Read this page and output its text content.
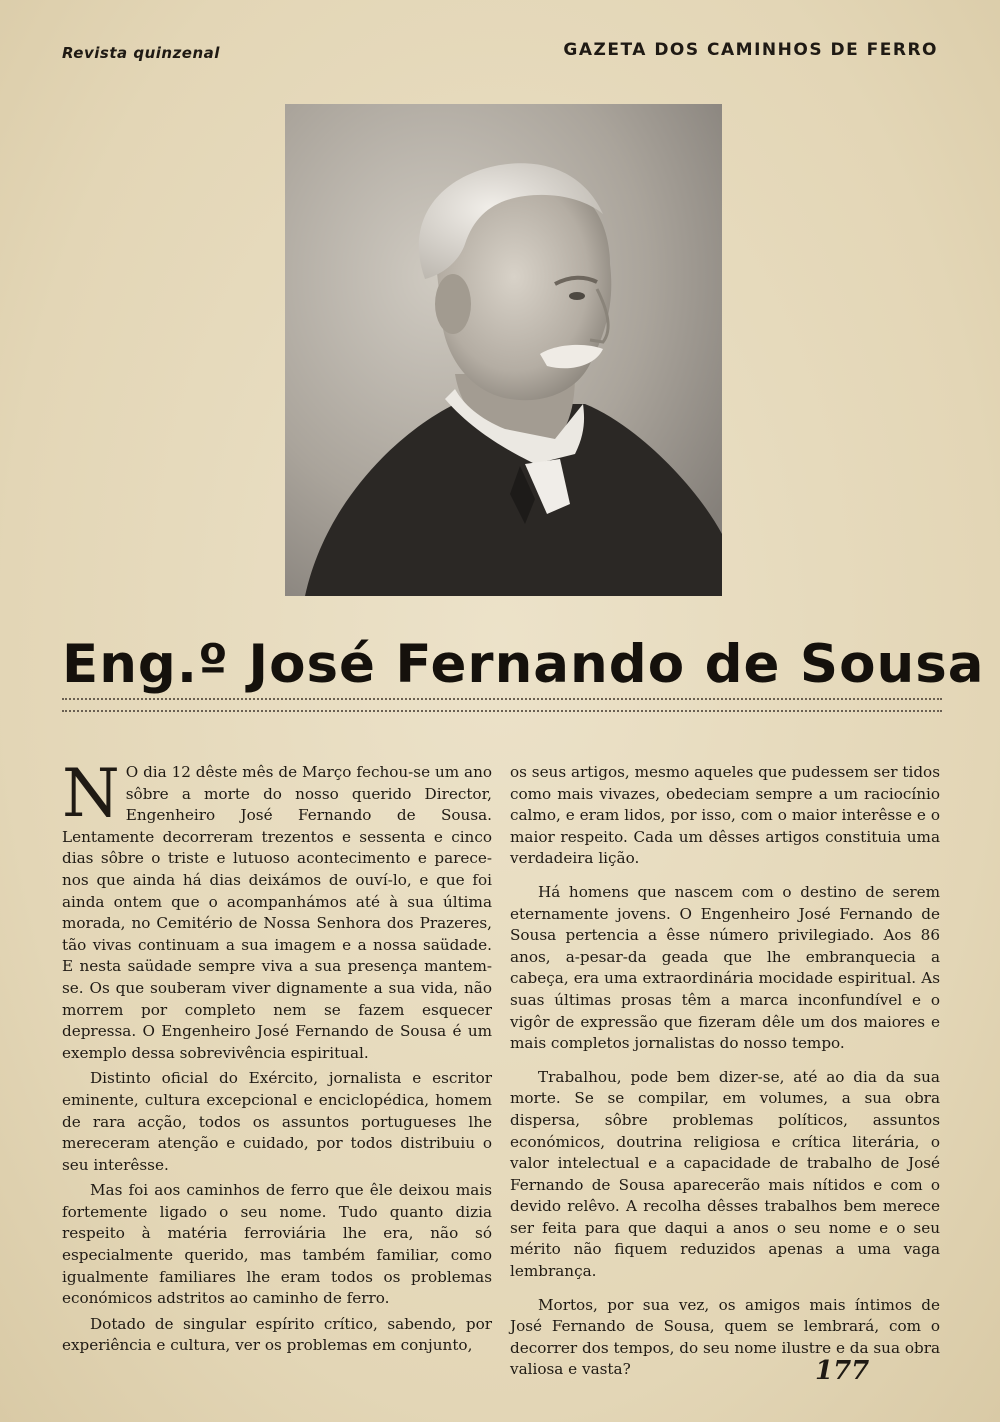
Revista quinzenal	GAZETA DOS CAMINHOS DE FERRO
Eng.º José Fernando de Sousa

N O dia 12 dêste mês de Março fechou-se um ano sôbre a morte do nosso querido Director, Engenheiro José Fernando de Sousa. Lentamente decorreram trezentos e sessenta e cinco dias sôbre o triste e lutuoso acontecimento e parece-nos que ainda há dias deixámos de ouví-lo, e que foi ainda ontem que o acompanhámos até à sua última morada, no Cemitério de Nossa Senhora dos Prazeres, tão vivas continuam a sua imagem e a nossa saüdade. E nesta saüdade sempre viva a sua presença mantem-se. Os que souberam viver dignamente a sua vida, não morrem por completo nem se fazem esquecer depressa. O Engenheiro José Fernando de Sousa é um exemplo dessa sobrevivência espiritual.

Distinto oficial do Exército, jornalista e escritor eminente, cultura excepcional e enciclopédica, homem de rara acção, todos os assuntos portugueses lhe mereceram atenção e cuidado, por todos distribuiu o seu interêsse.

Mas foi aos caminhos de ferro que êle deixou mais fortemente ligado o seu nome. Tudo quanto dizia respeito à matéria ferroviária lhe era, não só especialmente querido, mas também familiar, como igualmente familiares lhe eram todos os problemas económicos adstritos ao caminho de ferro.

Dotado de singular espírito crítico, sabendo, por experiência e cultura, ver os problemas em conjunto,

os seus artigos, mesmo aqueles que pudessem ser tidos como mais vivazes, obedeciam sempre a um raciocínio calmo, e eram lidos, por isso, com o maior interêsse e o maior respeito. Cada um dêsses artigos constituia uma verdadeira lição.

Há homens que nascem com o destino de serem eternamente jovens. O Engenheiro José Fernando de Sousa pertencia a êsse número privilegiado. Aos 86 anos, a-pesar-da geada que lhe embranquecia a cabeça, era uma extraordinária mocidade espiritual. As suas últimas prosas têm a marca inconfundível e o vigôr de expressão que fizeram dêle um dos maiores e mais completos jornalistas do nosso tempo.

Trabalhou, pode bem dizer-se, até ao dia da sua morte. Se se compilar, em volumes, a sua obra dispersa, sôbre problemas políticos, assuntos económicos, doutrina religiosa e crítica literária, o valor intelectual e a capacidade de trabalho de José Fernando de Sousa aparecerão mais nítidos e com o devido relêvo. A recolha dêsses trabalhos bem merece ser feita para que daqui a anos o seu nome e o seu mérito não fiquem reduzidos apenas a uma vaga lembrança.

Mortos, por sua vez, os amigos mais íntimos de José Fernando de Sousa, quem se lembrará, com o decorrer dos tempos, do seu nome ilustre e da sua obra valiosa e vasta?	177
